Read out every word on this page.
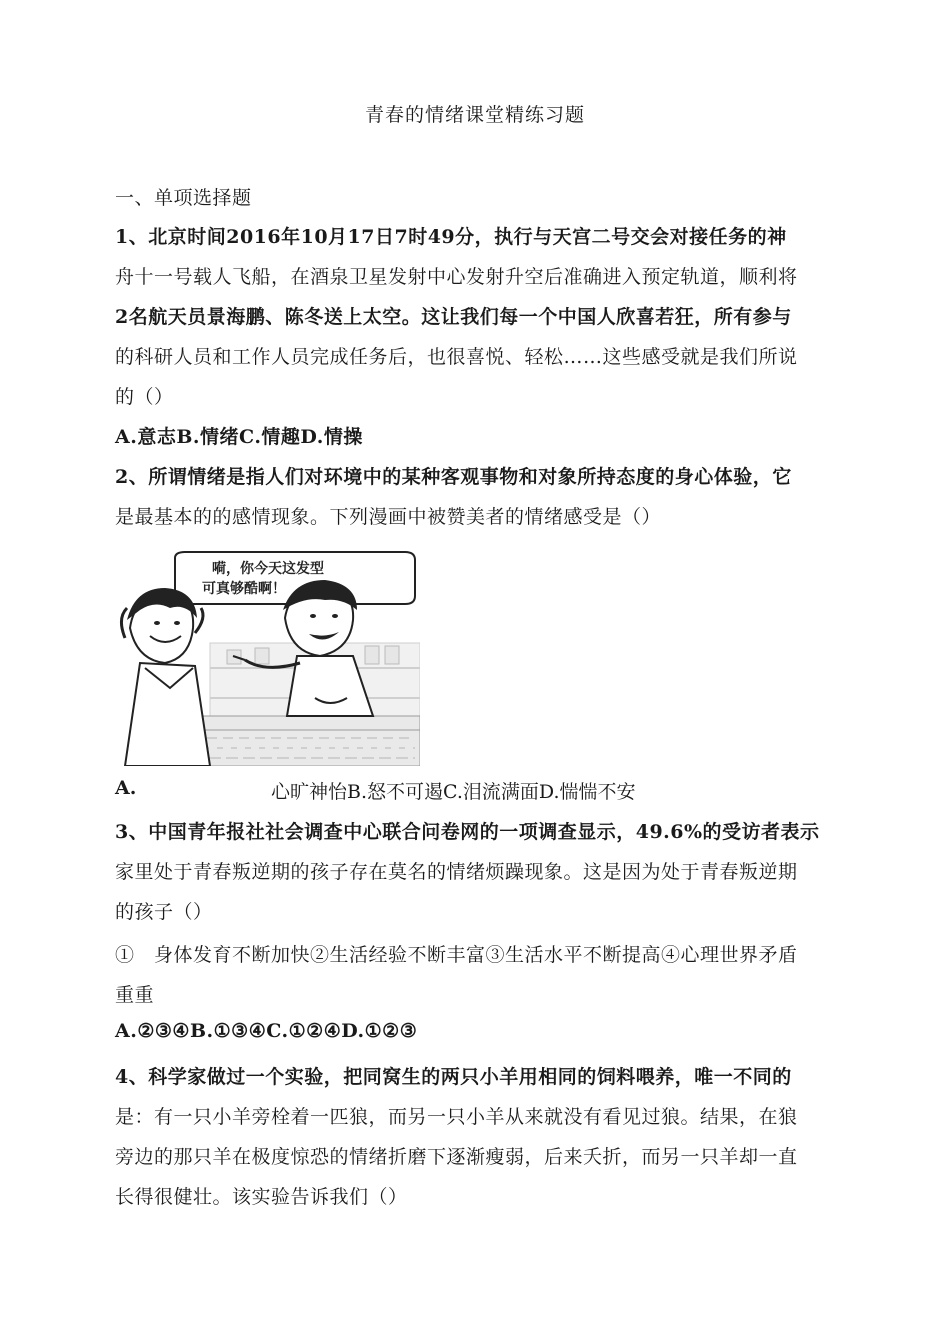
青春的情绪课堂精练习题
一、单项选择题
1、北京时间2016年10月17日7时49分，执行与天宫二号交会对接任务的神
舟十一号载人飞船，在酒泉卫星发射中心发射升空后准确进入预定轨道，顺利将
2名航天员景海鹏、陈冬送上太空。这让我们每一个中国人欣喜若狂，所有参与
的科研人员和工作人员完成任务后，也很喜悦、轻松……这些感受就是我们所说
的（）
A.意志B.情绪C.情趣D.情操
2、所谓情绪是指人们对环境中的某种客观事物和对象所持态度的身心体验，它
是最基本的的感情现象。下列漫画中被赞美者的情绪感受是（）
嗬，你今天这发型
可真够酷啊！
A.	心旷神怡B.怒不可遏C.泪流满面D.惴惴不安
3、中国青年报社社会调查中心联合问卷网的一项调查显示，49.6%的受访者表示
家里处于青春叛逆期的孩子存在莫名的情绪烦躁现象。这是因为处于青春叛逆期
的孩子（）
①　身体发育不断加快②生活经验不断丰富③生活水平不断提高④心理世界矛盾
重重
A.②③④B.①③④C.①②④D.①②③
4、科学家做过一个实验，把同窝生的两只小羊用相同的饲料喂养，唯一不同的
是：有一只小羊旁栓着一匹狼，而另一只小羊从来就没有看见过狼。结果，在狼
旁边的那只羊在极度惊恐的情绪折磨下逐渐瘦弱，后来夭折，而另一只羊却一直
长得很健壮。该实验告诉我们（）
